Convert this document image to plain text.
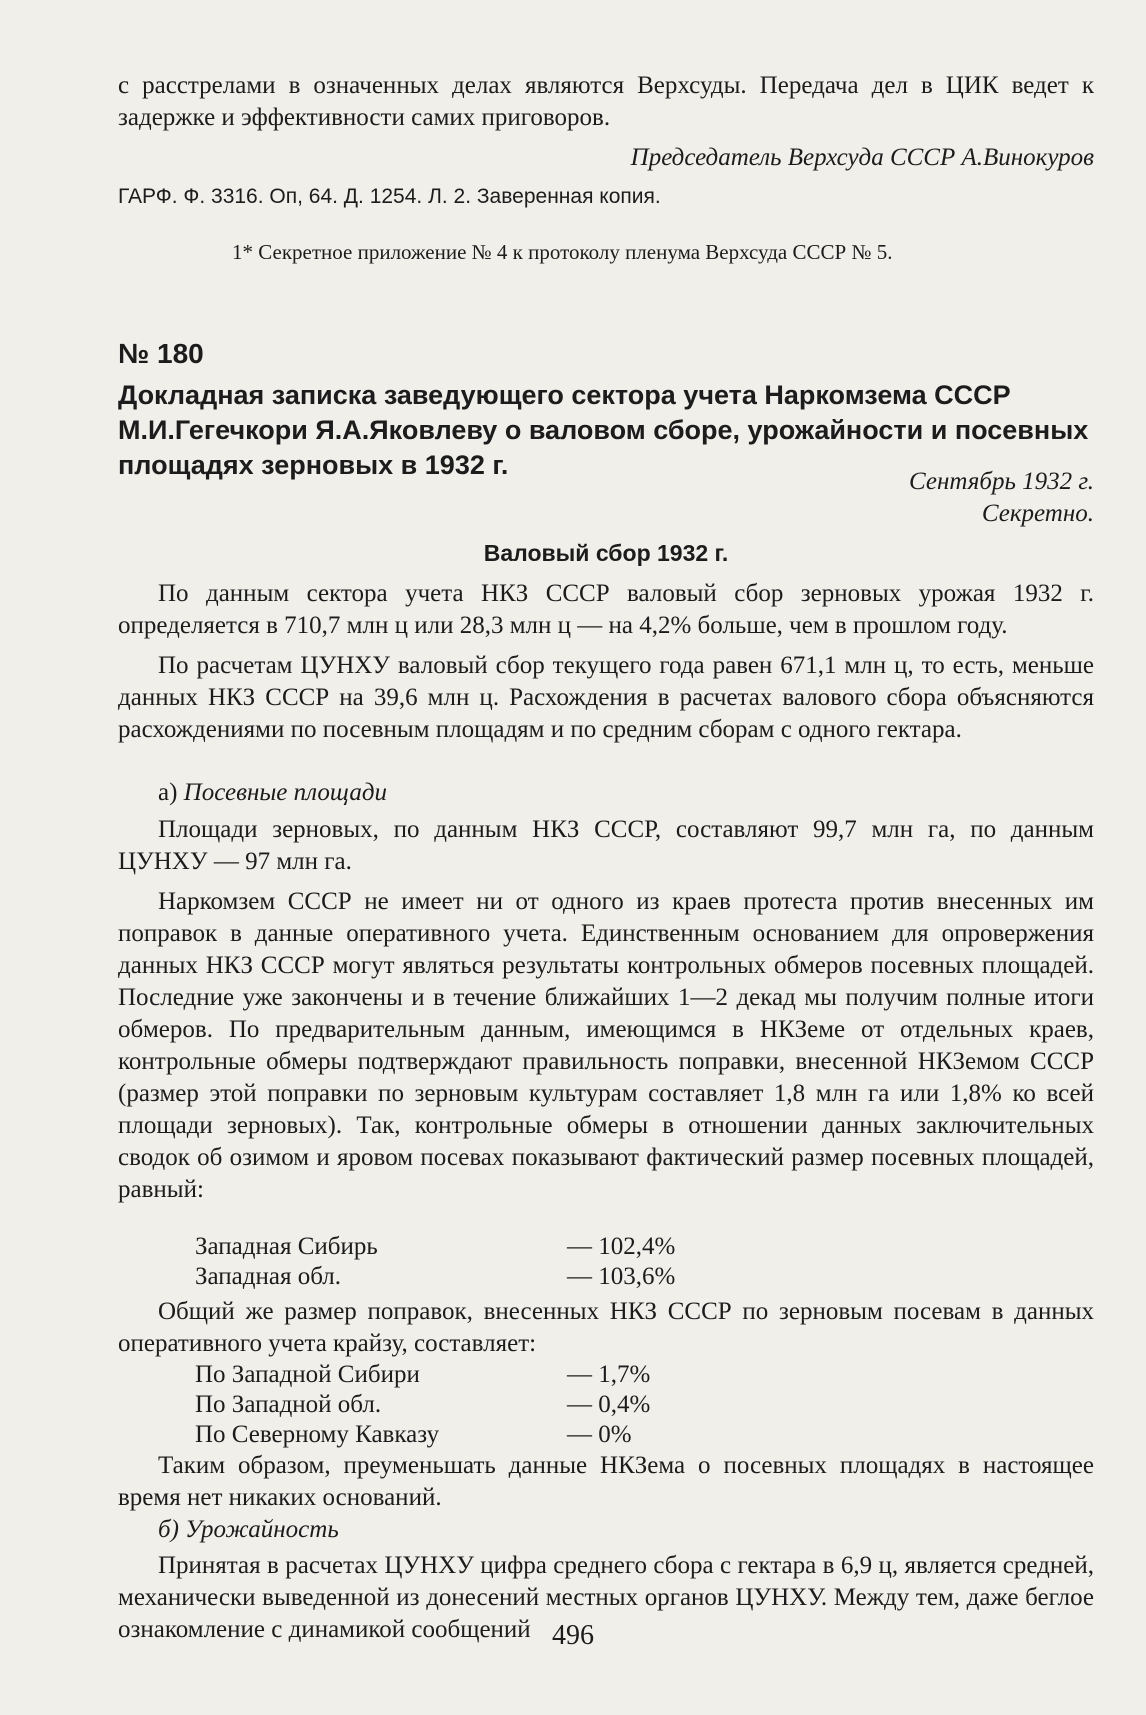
с расстрелами в означенных делах являются Верхсуды. Передача дел в ЦИК ведет к задержке и эффективности самих приговоров.

Председатель Верхсуда СССР А.Винокуров
ГАРФ. Ф. 3316. Оп, 64. Д. 1254. Л. 2. Заверенная копия.
1* Секретное приложение № 4 к протоколу пленума Верхсуда СССР № 5.
№ 180
Докладная записка заведующего сектора учета Наркомзема СССР М.И.Гегечкори Я.А.Яковлеву о валовом сборе, урожайности и посевных площадях зерновых в 1932 г.
Сентябрь 1932 г.
Секретно.
Валовый сбор 1932 г.

По данным сектора учета НКЗ СССР валовый сбор зерновых урожая 1932 г. определяется в 710,7 млн ц или 28,3 млн ц — на 4,2% больше, чем в прошлом году.

По расчетам ЦУНХУ валовый сбор текущего года равен 671,1 млн ц, то есть, меньше данных НКЗ СССР на 39,6 млн ц. Расхождения в расчетах валового сбора объясняются расхождениями по посевным площадям и по средним сборам с одного гектара.

а) Посевные площади

Площади зерновых, по данным НКЗ СССР, составляют 99,7 млн га, по данным ЦУНХУ — 97 млн га.

Наркомзем СССР не имеет ни от одного из краев протеста против внесенных им поправок в данные оперативного учета. Единственным основанием для опровержения данных НКЗ СССР могут являться результаты контрольных обмеров посевных площадей. Последние уже закончены и в течение ближайших 1—2 декад мы получим полные итоги обмеров. По предварительным данным, имеющимся в НКЗеме от отдельных краев, контрольные обмеры подтверждают правильность поправки, внесенной НКЗемом СССР (размер этой поправки по зерновым культурам составляет 1,8 млн га или 1,8% ко всей площади зерновых). Так, контрольные обмеры в отношении данных заключительных сводок об озимом и яровом посевах показывают фактический размер посевных площадей, равный:

Западная Сибирь	— 102,4%
Западная обл.	— 103,6%

Общий же размер поправок, внесенных НКЗ СССР по зерновым посевам в данных оперативного учета крайзу, составляет:

По Западной Сибири	— 1,7%
По Западной обл.	— 0,4%
По Северному Кавказу	— 0%

Таким образом, преуменьшать данные НКЗема о посевных площадях в настоящее время нет никаких оснований.

б) Урожайность

Принятая в расчетах ЦУНХУ цифра среднего сбора с гектара в 6,9 ц, является средней, механически выведенной из донесений местных органов ЦУНХУ. Между тем, даже беглое ознакомление с динамикой сообщений 496
